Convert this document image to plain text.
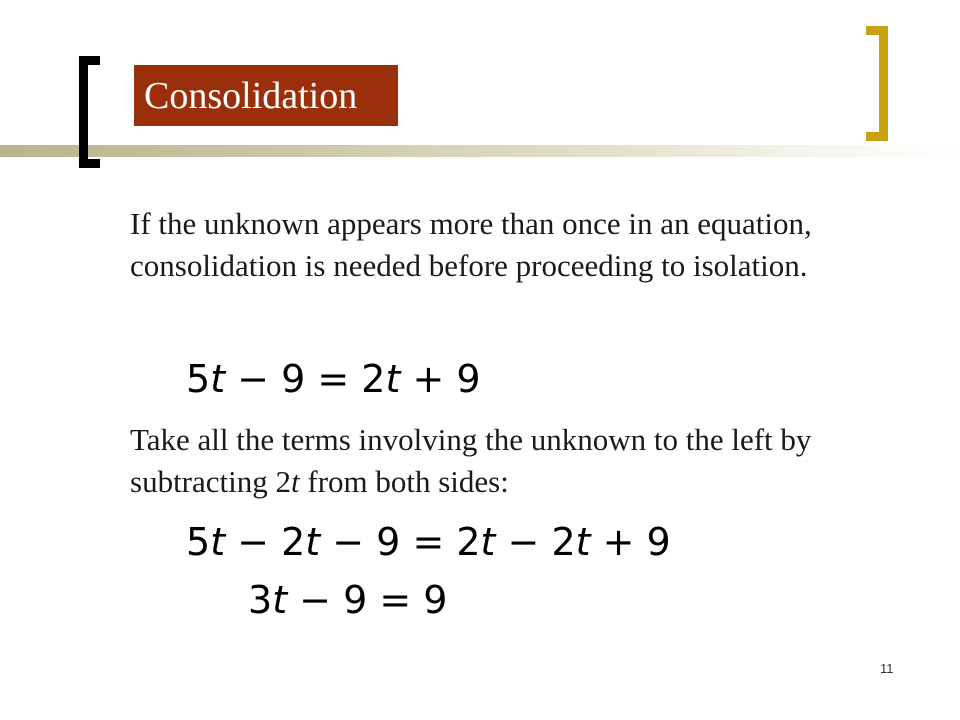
Consolidation

If the unknown appears more than once in an equation, consolidation is needed before proceeding to isolation.

5t − 9 = 2t + 9

Take all the terms involving the unknown to the left by subtracting 2t from both sides:

5t − 2t − 9 = 2t − 2t + 9
3t − 9 = 9
11
